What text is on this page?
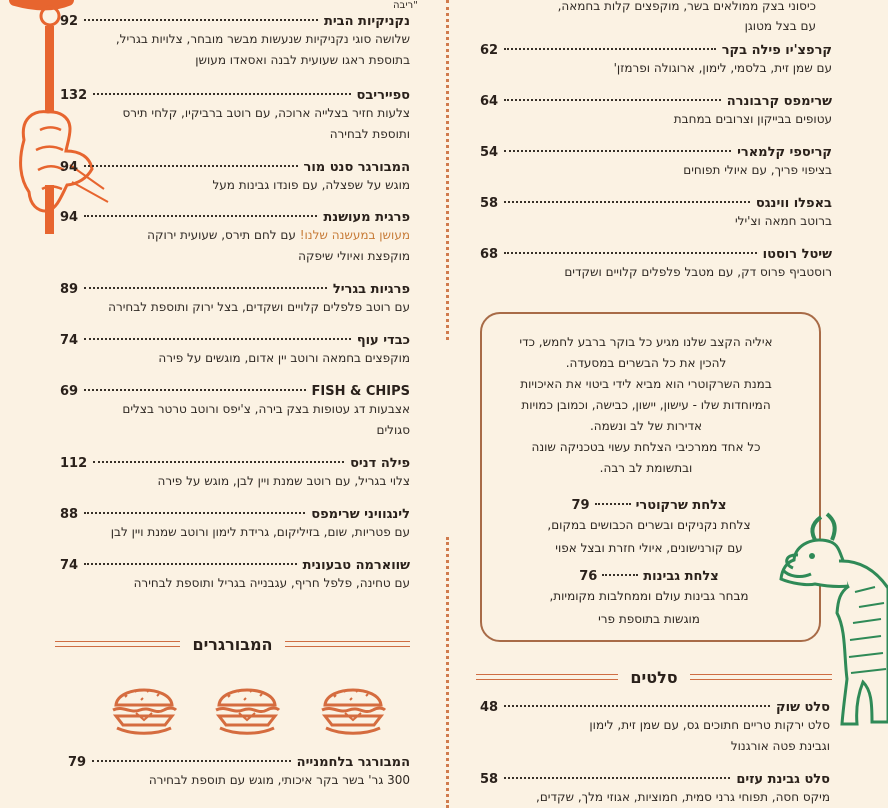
"ריבה
נקניקיות הבית
92
שלושה סוגי נקניקיות שנעשות מבשר מובחר, צלויות בגריל,
בתוספת ראגו שעועית לבנה ואסאדו מעושן
ספייריבס
132
צלעות חזיר בצלייה ארוכה, עם רוטב ברביקיו, קלחי תירס
ותוספת לבחירה
המבורגר סנט מור
94
מוגש על שפצלה, עם פונדו גבינות מעל
פרגית מעושנת
94
מעושן במעשנה שלנו! עם לחם תירס, שעועית ירוקה
מוקפצת ואיולי שיפקה
פרגיות בגריל
89
עם רוטב פלפלים קלויים ושקדים, בצל ירוק ותוספת לבחירה
כבדי עוף
74
מוקפצים בחמאה ורוטב יין אדום, מוגשים על פירה
FISH & CHIPS
69
אצבעות דג עטופות בצק בירה, צ'יפס ורוטב טרטר בצלים
סגולים
פילה דניס
112
צלוי בגריל, עם רוטב שמנת ויין לבן, מוגש על פירה
לינגוויני שרימפס
88
עם פטריות, שום, בזיליקום, גרידת לימון ורוטב שמנת ויין לבן
שווארמה טבעונית
74
עם טחינה, פלפל חריף, עגבנייה בגריל ותוספת לבחירה
המבורגרים
המבורגר בלחמנייה
79
300 גר' בשר בקר איכותי, מוגש עם תוספת לבחירה
כיסוני בצק ממולאים בשר, מוקפצים קלות בחמאה,
עם בצל מטוגן
קרפצ'יו פילה בקר
62
עם שמן זית, בלסמי, לימון, ארוגולה ופרמזן'
שרימפס קרבונרה
64
עטופים בבייקון וצרובים במחבת
קריספי קלמארי
54
בציפוי פריך, עם איולי תפוחים
באפלו ווינגס
58
ברוטב חמאה וצ'ילי
שיטל רוסטו
68
רוסטביף פרוס דק, עם מטבל פלפלים קלויים ושקדים
איליה הקצב שלנו מגיע כל בוקר ברבע לחמש, כדי
להכין את כל הבשרים במסעדה.
במנת השרקוטרי הוא מביא לידי ביטוי את האיכויות
המיוחדות שלו - עישון, יישון, כבישה, וכמובן כמויות
אדירות של לב ונשמה.
כל אחד ממרכיבי הצלחת עשוי בטכניקה שונה
ובתשומת לב רבה.
צלחת שרקוטרי
79
צלחת נקניקים ובשרים הכבושים במקום,
עם קורנישונים, איולי חזרת ובצל אפוי
צלחת גבינות
76
מבחר גבינות עולם וממחלבות מקומיות,
מוגשות בתוספת פרי
סלטים
סלט שוק
48
סלט ירקות טריים חתוכים גס, עם שמן זית, לימון
וגבינת פטה אורגנול
סלט גבינת עזים
58
מיקס חסה, תפוחי גרני סמית, חמוציות, אגוזי מלך, שקדים,
